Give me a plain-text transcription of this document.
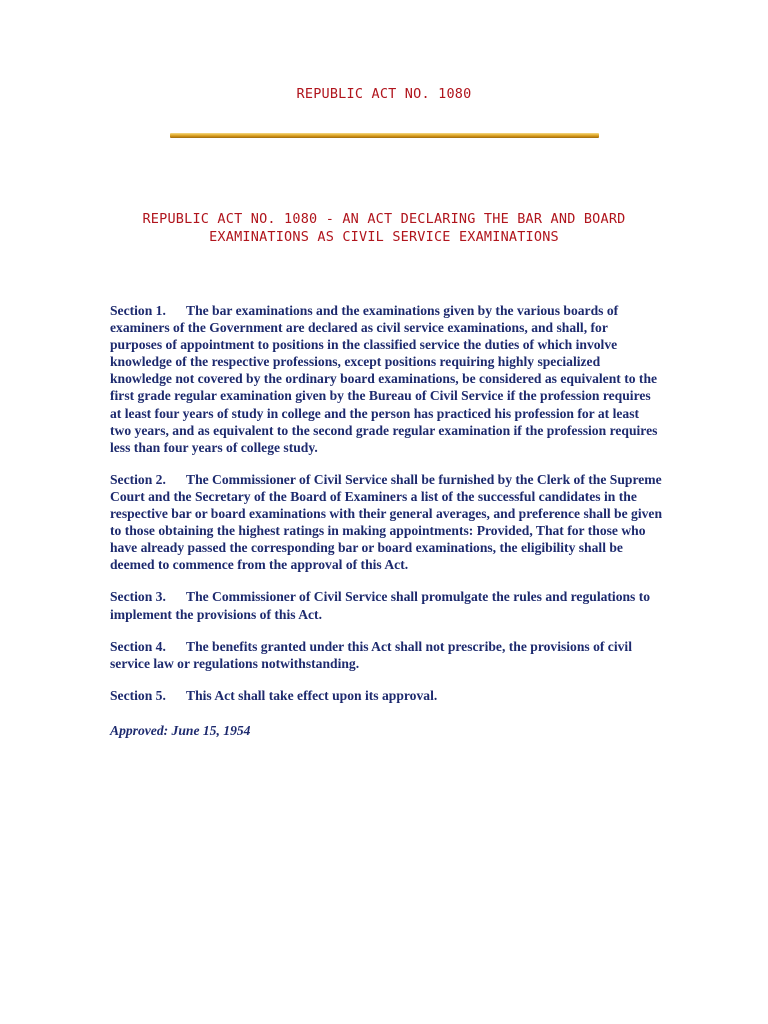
REPUBLIC ACT NO. 1080
REPUBLIC ACT NO. 1080 - AN ACT DECLARING THE BAR AND BOARD
EXAMINATIONS AS CIVIL SERVICE EXAMINATIONS

Section 1. The bar examinations and the examinations given by the various boards of examiners of the Government are declared as civil service examinations, and shall, for purposes of appointment to positions in the classified service the duties of which involve knowledge of the respective professions, except positions requiring highly specialized knowledge not covered by the ordinary board examinations, be considered as equivalent to the first grade regular examination given by the Bureau of Civil Service if the profession requires at least four years of study in college and the person has practiced his profession for at least two years, and as equivalent to the second grade regular examination if the profession requires less than four years of college study.

Section 2. The Commissioner of Civil Service shall be furnished by the Clerk of the Supreme Court and the Secretary of the Board of Examiners a list of the successful candidates in the respective bar or board examinations with their general averages, and preference shall be given to those obtaining the highest ratings in making appointments: Provided, That for those who have already passed the corresponding bar or board examinations, the eligibility shall be deemed to commence from the approval of this Act.

Section 3. The Commissioner of Civil Service shall promulgate the rules and regulations to implement the provisions of this Act.

Section 4. The benefits granted under this Act shall not prescribe, the provisions of civil service law or regulations notwithstanding.

Section 5. This Act shall take effect upon its approval.

Approved: June 15, 1954
